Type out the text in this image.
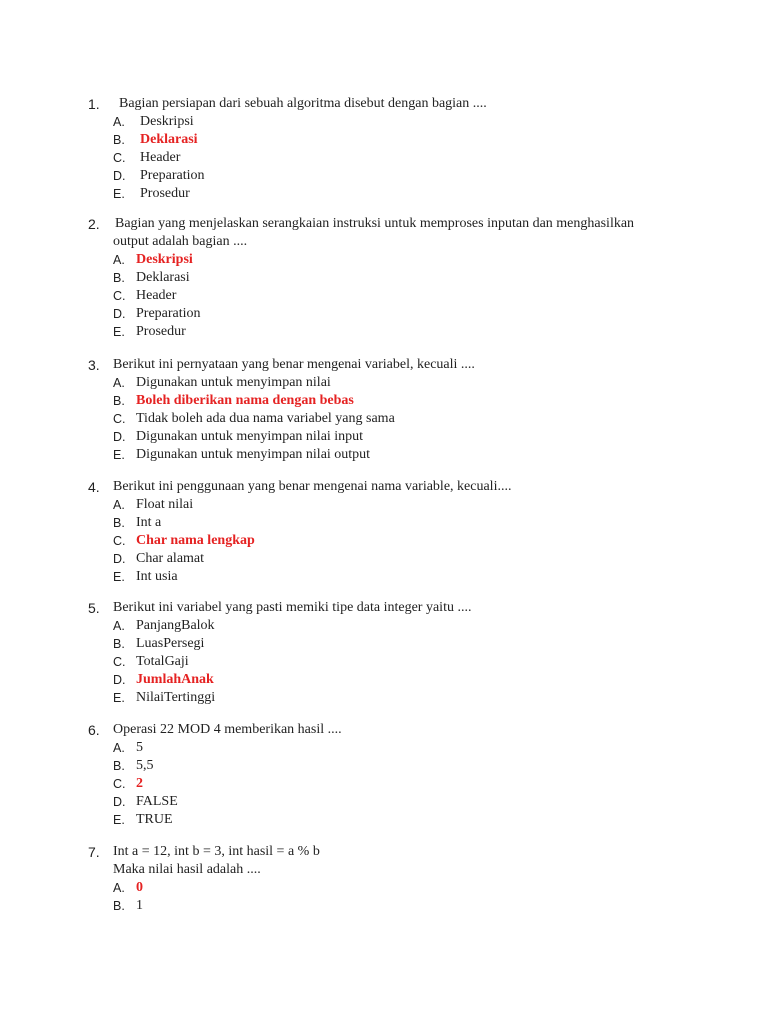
1. Bagian persiapan dari sebuah algoritma disebut dengan bagian ....
A. Deskripsi
B. Deklarasi
C. Header
D. Preparation
E. Prosedur
2. Bagian yang menjelaskan serangkaian instruksi untuk memproses inputan dan menghasilkan
output adalah bagian ....
A. Deskripsi
B. Deklarasi
C. Header
D. Preparation
E. Prosedur
3. Berikut ini pernyataan yang benar mengenai variabel, kecuali ....
A. Digunakan untuk menyimpan nilai
B. Boleh diberikan nama dengan bebas
C. Tidak boleh ada dua nama variabel yang sama
D. Digunakan untuk menyimpan nilai input
E. Digunakan untuk menyimpan nilai output
4. Berikut ini penggunaan yang benar mengenai nama variable, kecuali....
A. Float nilai
B. Int a
C. Char nama lengkap
D. Char alamat
E. Int usia
5. Berikut ini variabel yang pasti memiki tipe data integer yaitu ....
A. PanjangBalok
B. LuasPersegi
C. TotalGaji
D. JumlahAnak
E. NilaiTertinggi
6. Operasi 22 MOD 4 memberikan hasil ....
A. 5
B. 5,5
C. 2
D. FALSE
E. TRUE
7. Int a = 12, int b = 3, int hasil = a % b
Maka nilai hasil adalah ....
A. 0
B. 1
